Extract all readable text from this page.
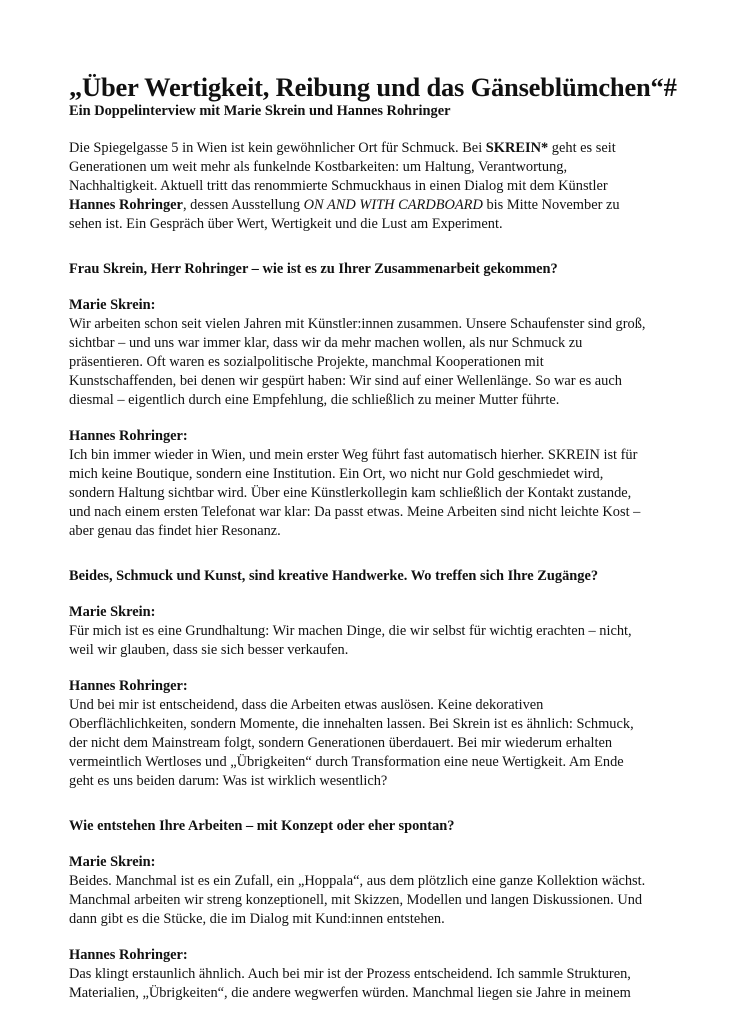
„Über Wertigkeit, Reibung und das Gänseblümchen“#
Ein Doppelinterview mit Marie Skrein und Hannes Rohringer

Die Spiegelgasse 5 in Wien ist kein gewöhnlicher Ort für Schmuck. Bei SKREIN* geht es seit
Generationen um weit mehr als funkelnde Kostbarkeiten: um Haltung, Verantwortung,
Nachhaltigkeit. Aktuell tritt das renommierte Schmuckhaus in einen Dialog mit dem Künstler
Hannes Rohringer, dessen Ausstellung ON AND WITH CARDBOARD bis Mitte November zu
sehen ist. Ein Gespräch über Wert, Wertigkeit und die Lust am Experiment.

Frau Skrein, Herr Rohringer – wie ist es zu Ihrer Zusammenarbeit gekommen?
Marie Skrein:

Wir arbeiten schon seit vielen Jahren mit Künstler:innen zusammen. Unsere Schaufenster sind groß,
sichtbar – und uns war immer klar, dass wir da mehr machen wollen, als nur Schmuck zu
präsentieren. Oft waren es sozialpolitische Projekte, manchmal Kooperationen mit
Kunstschaffenden, bei denen wir gespürt haben: Wir sind auf einer Wellenlänge. So war es auch
diesmal – eigentlich durch eine Empfehlung, die schließlich zu meiner Mutter führte.

Hannes Rohringer:

Ich bin immer wieder in Wien, und mein erster Weg führt fast automatisch hierher. SKREIN ist für
mich keine Boutique, sondern eine Institution. Ein Ort, wo nicht nur Gold geschmiedet wird,
sondern Haltung sichtbar wird. Über eine Künstlerkollegin kam schließlich der Kontakt zustande,
und nach einem ersten Telefonat war klar: Da passt etwas. Meine Arbeiten sind nicht leichte Kost –
aber genau das findet hier Resonanz.

Beides, Schmuck und Kunst, sind kreative Handwerke. Wo treffen sich Ihre Zugänge?
Marie Skrein:

Für mich ist es eine Grundhaltung: Wir machen Dinge, die wir selbst für wichtig erachten – nicht,
weil wir glauben, dass sie sich besser verkaufen.

Hannes Rohringer:

Und bei mir ist entscheidend, dass die Arbeiten etwas auslösen. Keine dekorativen
Oberflächlichkeiten, sondern Momente, die innehalten lassen. Bei Skrein ist es ähnlich: Schmuck,
der nicht dem Mainstream folgt, sondern Generationen überdauert. Bei mir wiederum erhalten
vermeintlich Wertloses und „Übrigkeiten“ durch Transformation eine neue Wertigkeit. Am Ende
geht es uns beiden darum: Was ist wirklich wesentlich?

Wie entstehen Ihre Arbeiten – mit Konzept oder eher spontan?
Marie Skrein:

Beides. Manchmal ist es ein Zufall, ein „Hoppala“, aus dem plötzlich eine ganze Kollektion wächst.
Manchmal arbeiten wir streng konzeptionell, mit Skizzen, Modellen und langen Diskussionen. Und
dann gibt es die Stücke, die im Dialog mit Kund:innen entstehen.

Hannes Rohringer:

Das klingt erstaunlich ähnlich. Auch bei mir ist der Prozess entscheidend. Ich sammle Strukturen,
Materialien, „Übrigkeiten“, die andere wegwerfen würden. Manchmal liegen sie Jahre in meinem
